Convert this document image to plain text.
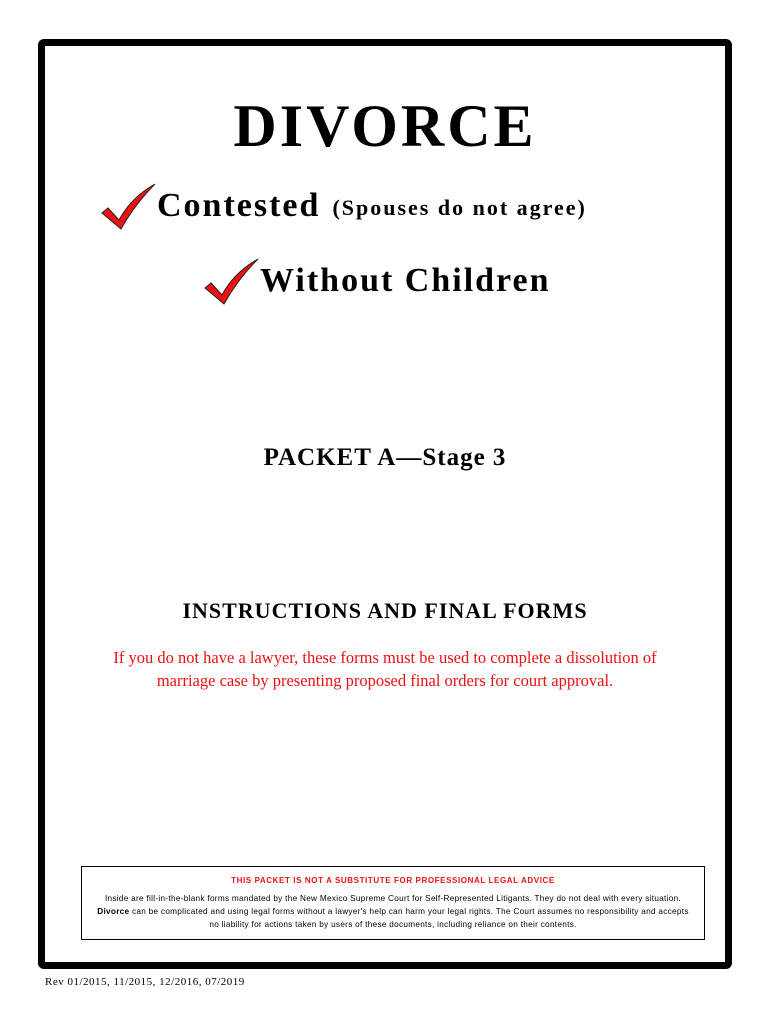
DIVORCE
Contested (Spouses do not agree)
Without Children
PACKET A—Stage 3
INSTRUCTIONS AND FINAL FORMS
If you do not have a lawyer, these forms must be used to complete a dissolution of marriage case by presenting proposed final orders for court approval.
THIS PACKET IS NOT A SUBSTITUTE FOR PROFESSIONAL LEGAL ADVICE
Inside are fill-in-the-blank forms mandated by the New Mexico Supreme Court for Self-Represented Litigants. They do not deal with every situation. Divorce can be complicated and using legal forms without a lawyer's help can harm your legal rights. The Court assumes no responsibility and accepts no liability for actions taken by users of these documents, including reliance on their contents.
Rev 01/2015, 11/2015, 12/2016, 07/2019
